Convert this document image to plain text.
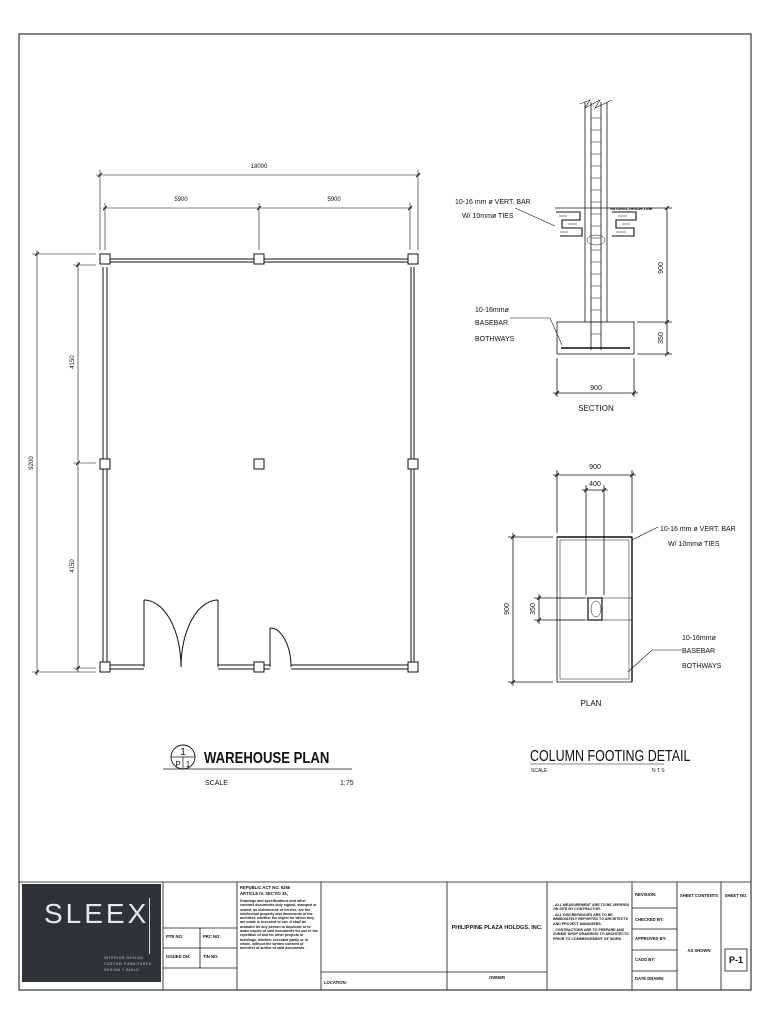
18000
5900	5900
9200
4150
4150
1
P 1 WAREHOUSE PLAN
SCALE	1:75
NATURAL GRADE LINE
10-16 mm ø VERT. BAR
W/ 10mmø TIES
10-16mmø
BASEBAR
BOTHWAYS
900
350
900
SECTION
900
400
900	350
10-16 mm ø VERT. BAR
W/ 10mmø TIES
10-16mmø
BASEBAR
BOTHWAYS
PLAN
COLUMN FOOTING DETAIL
SCALE:	N T S
SLEEX
INTERIOR DESIGN
CUSTOM FURNITURES
DESIGN + BUILD
PTR NO:	PRC NO:
ISSUED ON:	TIN NO:
REPUBLIC ACT NO. 9266
ARTICLE IV. SECTIO 33,
Drawings and specifications and other contract documents duly signed, stamped or sealed, as instruments of service, are the intellectual property and documents of the architect, whether the object for which they are made is executed or not. It shall be unlawful for any person to duplicate or to make copies of said documents for use in the repetition of and for other projects or buildings, whether executed partly or in whole, without the written consent of architect of author of said documents .
LOCATION:
PHILIPPINE PLAZA HOLDGS. INC.
OWNER
- ALL MEASUREMENT ARE TO BE VERIFIED ON SITE BY CONTRACTOR.
- ALL DISCREPANCIES ARE TO BE IMMEDIATELY REPORTED TO ARCHITECTS AND PROJECT MANAGERS.
- CONTRACTORS ARE TO PREPARE AND SUBMIT SHOP DRAWINGS TO ARCHITECTS PRIOR TO COMMENCEMENT OF WORK.
REVISION:
CHECKED BY:
APPROVED BY:
CADD BY:
DATE DRAWN:
SHEET CONTENTS
AS SHOWN
SHEET NO.
P-1
